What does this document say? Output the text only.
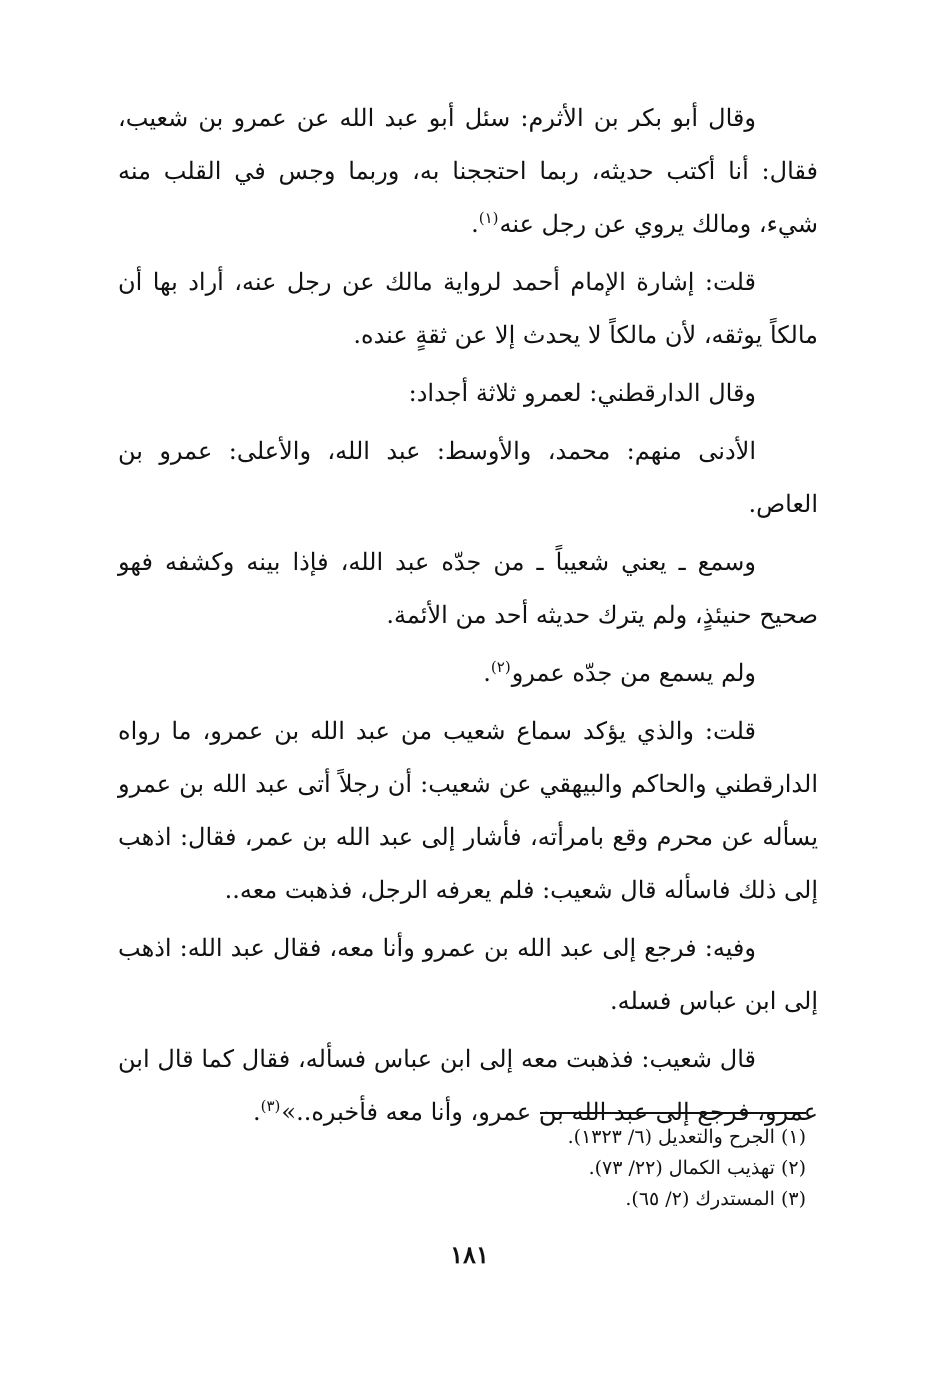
وقال أبو بكر بن الأثرم: سئل أبو عبد الله عن عمرو بن شعيب، فقال: أنا أكتب حديثه، ربما احتججنا به، وربما وجس في القلب منه شيء، ومالك يروي عن رجل عنه$^{(١)}$.

قلت: إشارة الإمام أحمد لرواية مالك عن رجل عنه، أراد بها أن مالكاً يوثقه، لأن مالكاً لا يحدث إلا عن ثقةٍ عنده.

وقال الدارقطني: لعمرو ثلاثة أجداد:

الأدنى منهم: محمد، والأوسط: عبد الله، والأعلى: عمرو بن العاص.

وسمع ـ يعني شعيباً ـ من جدّه عبد الله، فإذا بينه وكشفه فهو صحيح حنيئذٍ، ولم يترك حديثه أحد من الأئمة.

ولم يسمع من جدّه عمرو$^{(٢)}$.

قلت: والذي يؤكد سماع شعيب من عبد الله بن عمرو، ما رواه الدارقطني والحاكم والبيهقي عن شعيب: أن رجلاً أتى عبد الله بن عمرو يسأله عن محرم وقع بامرأته، فأشار إلى عبد الله بن عمر، فقال: اذهب إلى ذلك فاسأله قال شعيب: فلم يعرفه الرجل، فذهبت معه..

وفيه: فرجع إلى عبد الله بن عمرو وأنا معه، فقال عبد الله: اذهب إلى ابن عباس فسله.

قال شعيب: فذهبت معه إلى ابن عباس فسأله، فقال كما قال ابن عمرو، فرجع إلى عبد الله بن عمرو، وأنا معه فأخبره..»$^{(٣)}$.

(١)الجرح والتعديل (٦/ ١٣٢٣).

(٢)تهذيب الكمال (٢٢/ ٧٣).

(٣)المستدرك (٢/ ٦٥).

١٨١
